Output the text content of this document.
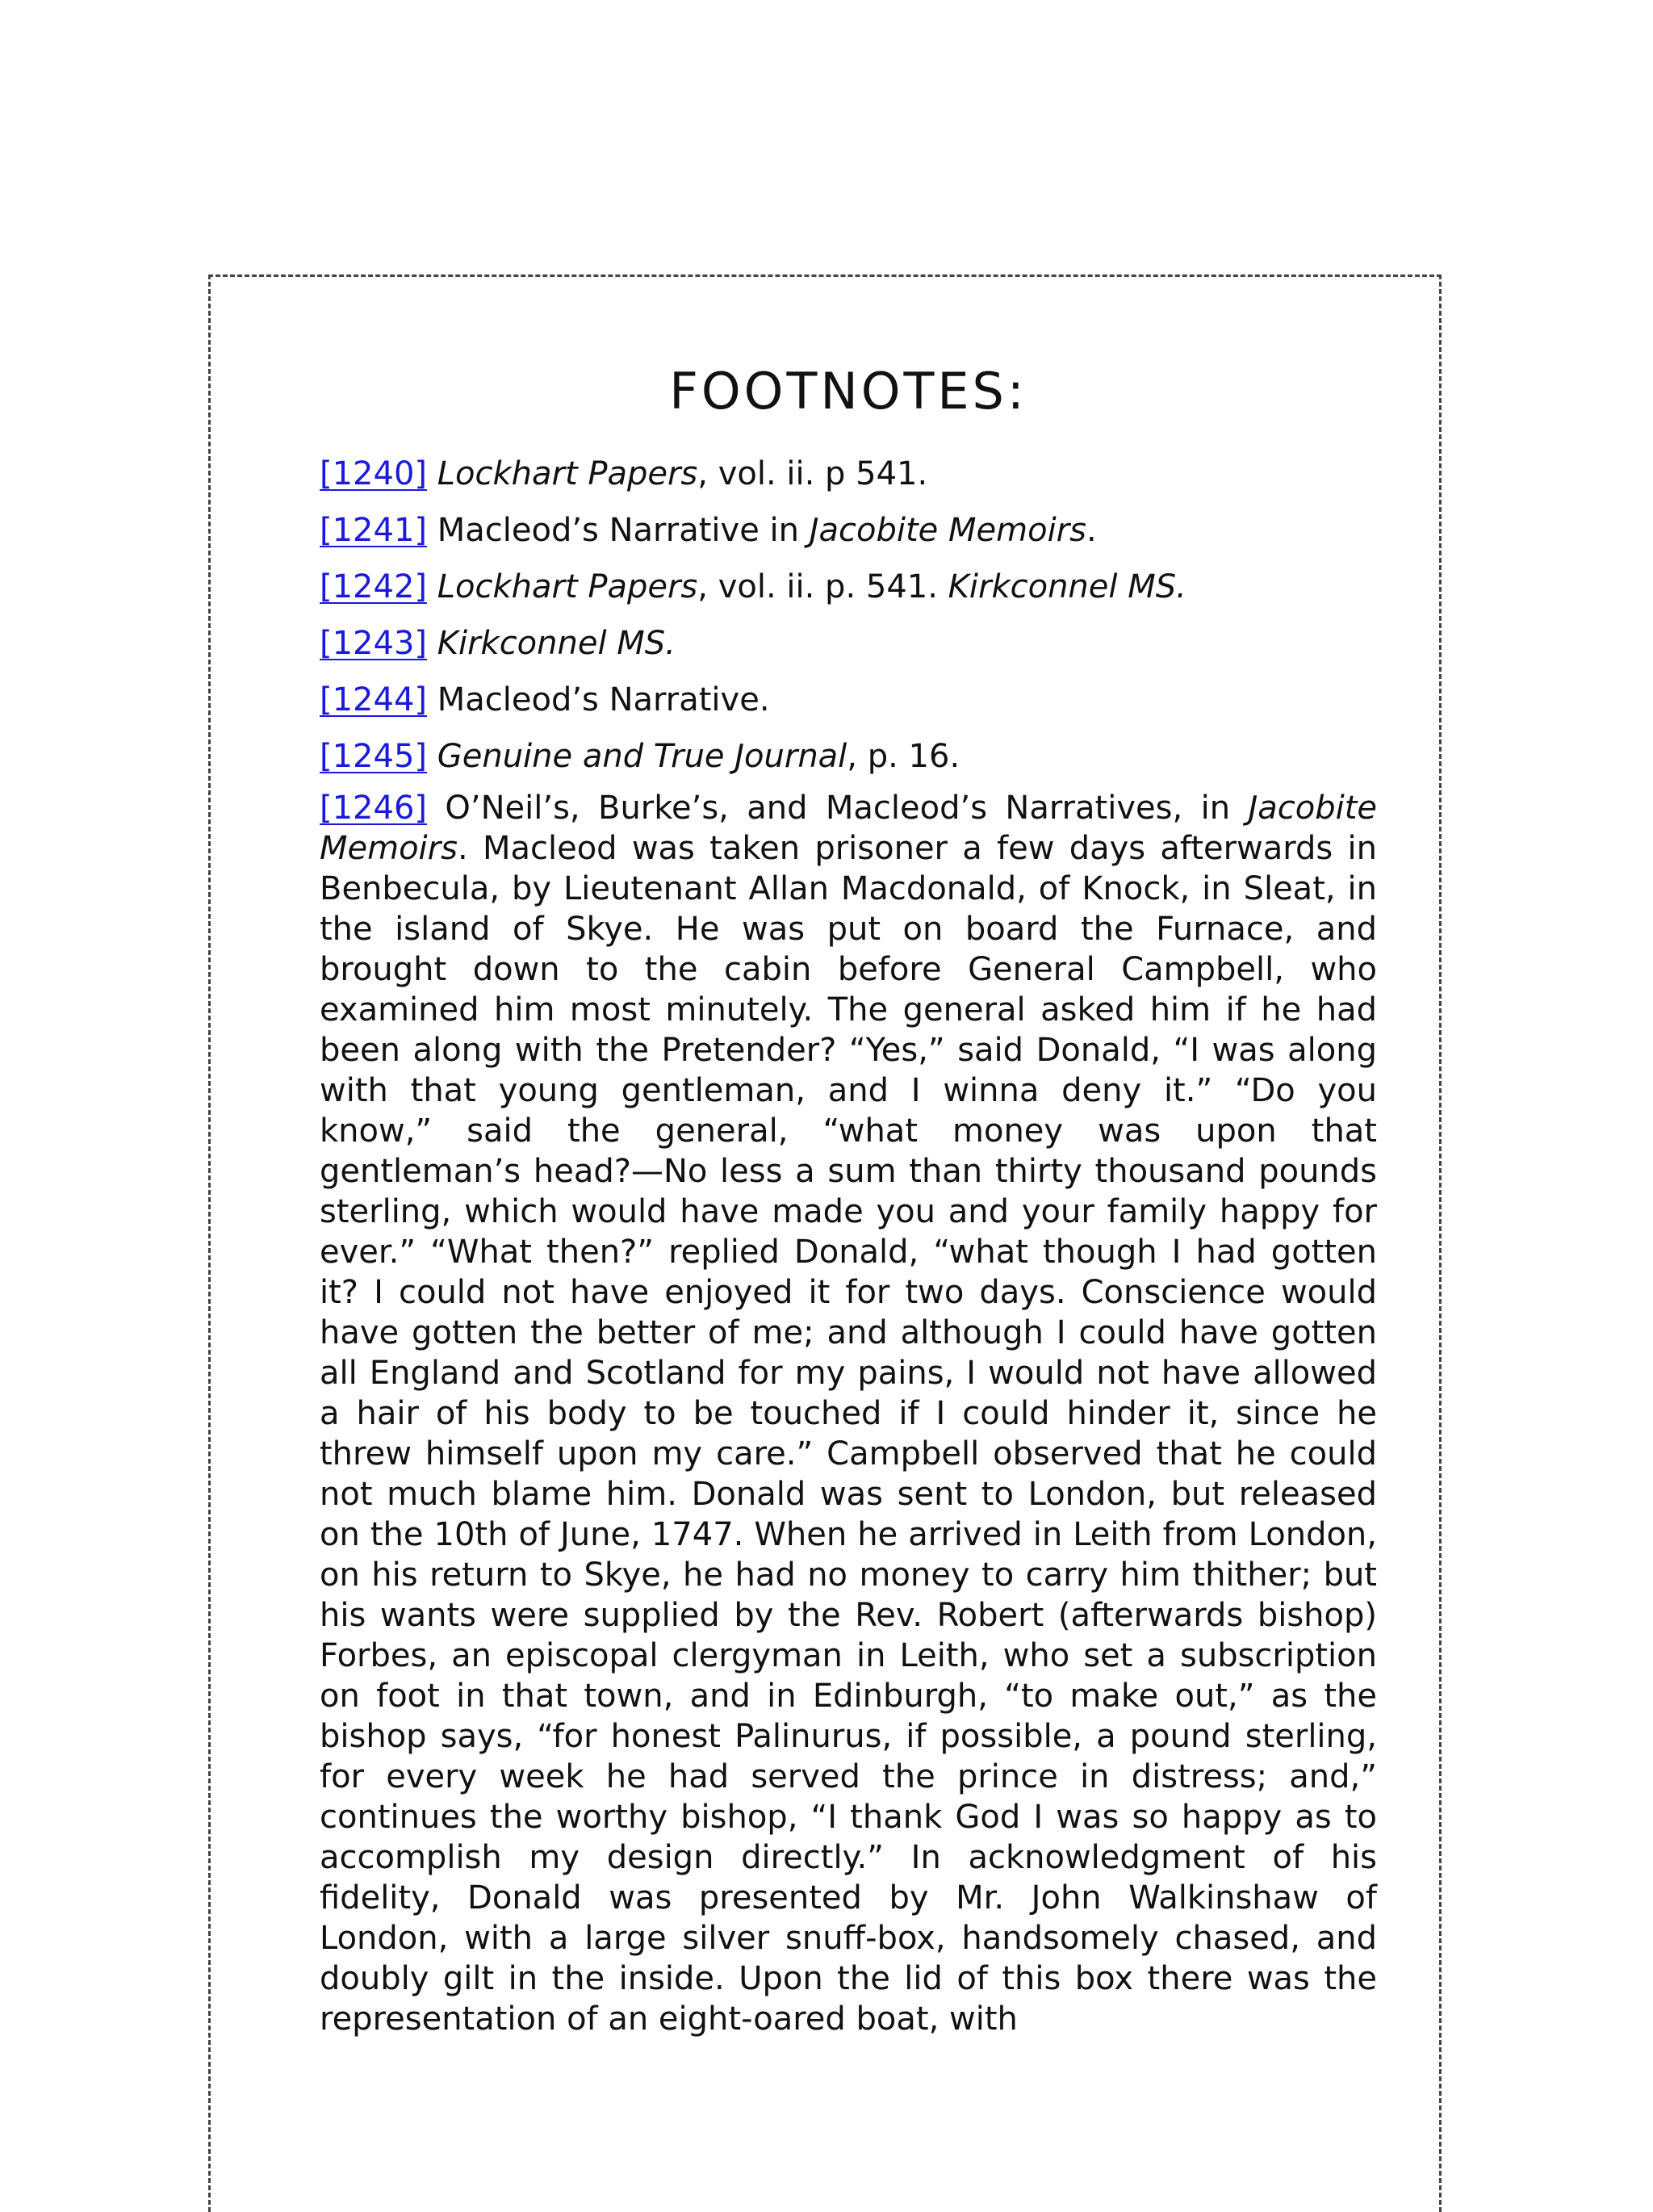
FOOTNOTES:

[1240] Lockhart Papers, vol. ii. p 541.

[1241] Macleod’s Narrative in Jacobite Memoirs.

[1242] Lockhart Papers, vol. ii. p. 541. Kirkconnel MS.

[1243] Kirkconnel MS.

[1244] Macleod’s Narrative.

[1245] Genuine and True Journal, p. 16.

[1246] O’Neil’s, Burke’s, and Macleod’s Narratives, in Jacobite Memoirs. Macleod was taken prisoner a few days afterwards in Benbecula, by Lieutenant Allan Macdonald, of Knock, in Sleat, in the island of Skye. He was put on board the Furnace, and brought down to the cabin before General Campbell, who examined him most minutely. The general asked him if he had been along with the Pretender? “Yes,” said Donald, “I was along with that young gentleman, and I winna deny it.” “Do you know,” said the general, “what money was upon that gentleman’s head?—No less a sum than thirty thousand pounds sterling, which would have made you and your family happy for ever.” “What then?” replied Donald, “what though I had gotten it? I could not have enjoyed it for two days. Conscience would have gotten the better of me; and although I could have gotten all England and Scotland for my pains, I would not have allowed a hair of his body to be touched if I could hinder it, since he threw himself upon my care.” Campbell observed that he could not much blame him. Donald was sent to London, but released on the 10th of June, 1747. When he arrived in Leith from London, on his return to Skye, he had no money to carry him thither; but his wants were supplied by the Rev. Robert (afterwards bishop) Forbes, an episcopal clergyman in Leith, who set a subscription on foot in that town, and in Edinburgh, “to make out,” as the bishop says, “for honest Palinurus, if possible, a pound sterling, for every week he had served the prince in distress; and,” continues the worthy bishop, “I thank God I was so happy as to accomplish my design directly.” In acknowledgment of his fidelity, Donald was presented by Mr. John Walkinshaw of London, with a large silver snuff-box, handsomely chased, and doubly gilt in the inside. Upon the lid of this box there was the representation of an eight-oared boat, with
